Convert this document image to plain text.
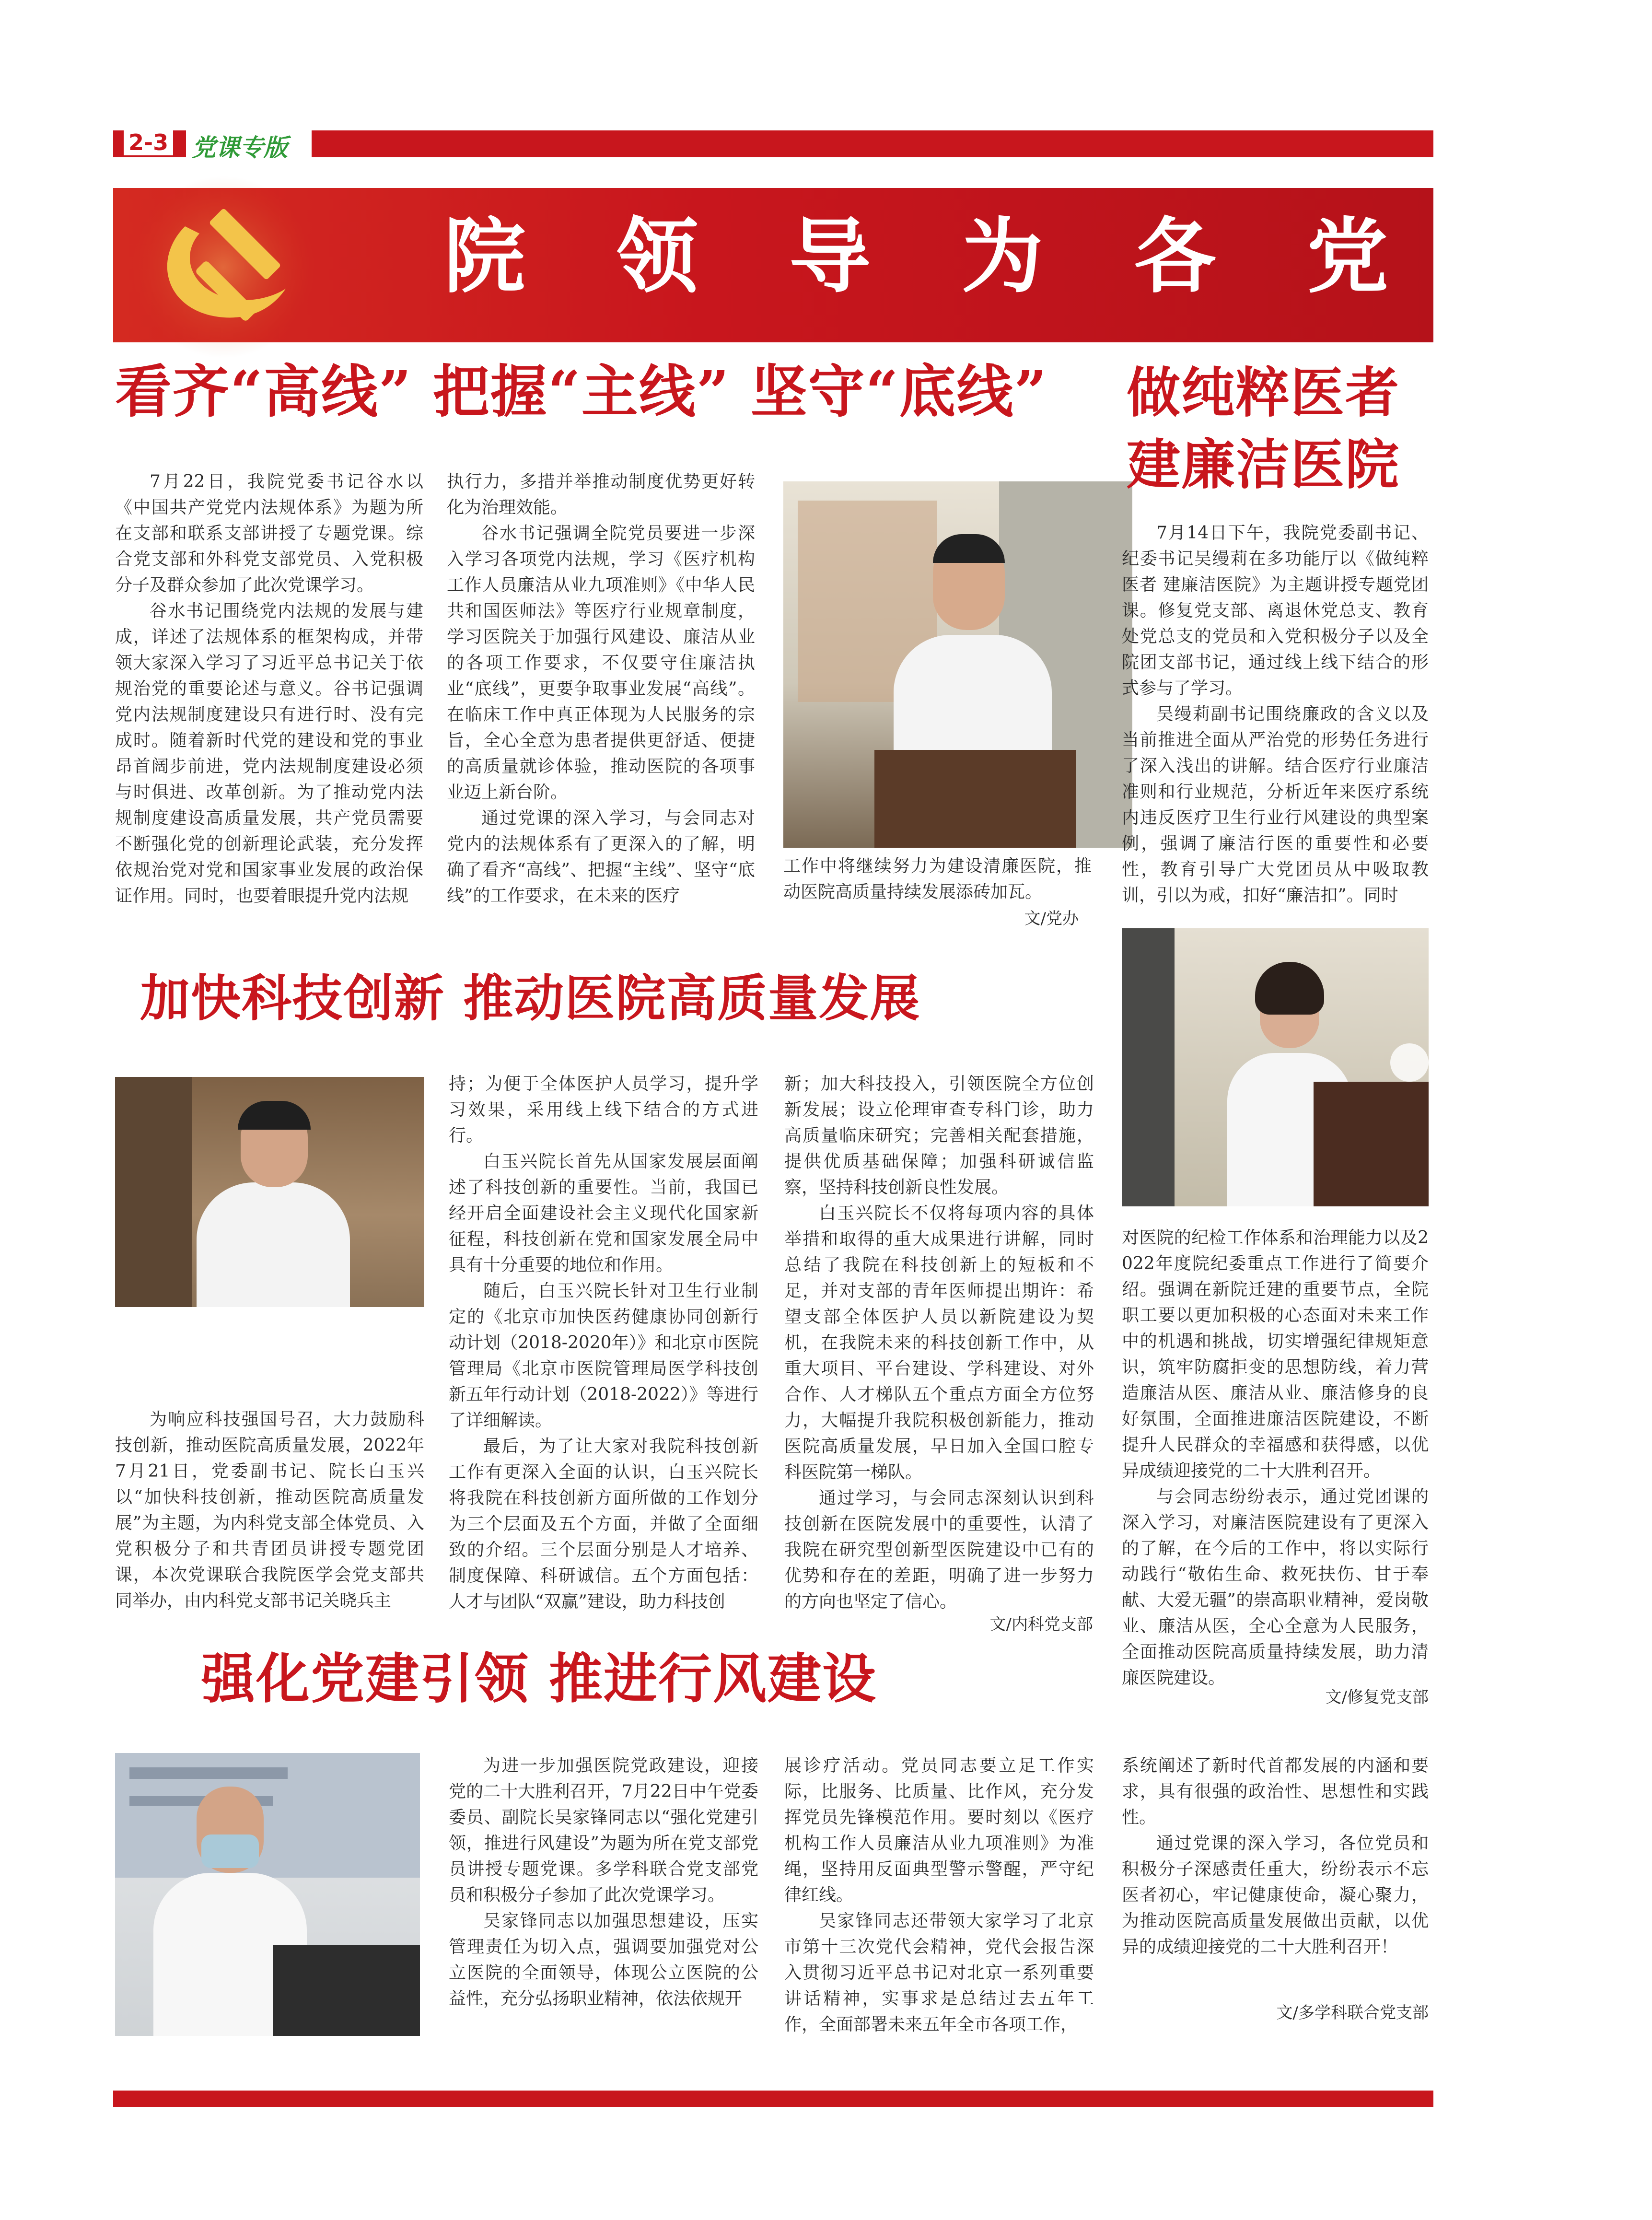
2-3 党课专版
院领导为各党支
看齐“高线” 把握“主线” 坚守“底线”

7月22日，我院党委书记谷水以《中国共产党党内法规体系》为题为所在支部和联系支部讲授了专题党课。综合党支部和外科党支部党员、入党积极分子及群众参加了此次党课学习。

谷水书记围绕党内法规的发展与建成，详述了法规体系的框架构成，并带领大家深入学习了习近平总书记关于依规治党的重要论述与意义。谷书记强调党内法规制度建设只有进行时、没有完成时。随着新时代党的建设和党的事业昂首阔步前进，党内法规制度建设必须与时俱进、改革创新。为了推动党内法规制度建设高质量发展，共产党员需要不断强化党的创新理论武装，充分发挥依规治党对党和国家事业发展的政治保证作用。同时，也要着眼提升党内法规

执行力，多措并举推动制度优势更好转化为治理效能。

谷水书记强调全院党员要进一步深入学习各项党内法规，学习《医疗机构工作人员廉洁从业九项准则》《中华人民共和国医师法》等医疗行业规章制度，学习医院关于加强行风建设、廉洁从业的各项工作要求，不仅要守住廉洁执业“底线”，更要争取事业发展“高线”。在临床工作中真正体现为人民服务的宗旨，全心全意为患者提供更舒适、便捷的高质量就诊体验，推动医院的各项事业迈上新台阶。

通过党课的深入学习，与会同志对党内的法规体系有了更深入的了解，明确了看齐“高线”、把握“主线”、坚守“底线”的工作要求，在未来的医疗

工作中将继续努力为建设清廉医院，推动医院高质量持续发展添砖加瓦。

文/党办
做纯粹医者
建廉洁医院

7月14日下午，我院党委副书记、纪委书记吴缦莉在多功能厅以《做纯粹医者 建廉洁医院》为主题讲授专题党团课。修复党支部、离退休党总支、教育处党总支的党员和入党积极分子以及全院团支部书记，通过线上线下结合的形式参与了学习。

吴缦莉副书记围绕廉政的含义以及当前推进全面从严治党的形势任务进行了深入浅出的讲解。结合医疗行业廉洁准则和行业规范，分析近年来医疗系统内违反医疗卫生行业行风建设的典型案例，强调了廉洁行医的重要性和必要性，教育引导广大党团员从中吸取教训，引以为戒，扣好“廉洁扣”。同时

对医院的纪检工作体系和治理能力以及2022年度院纪委重点工作进行了简要介绍。强调在新院迁建的重要节点，全院职工要以更加积极的心态面对未来工作中的机遇和挑战，切实增强纪律规矩意识，筑牢防腐拒变的思想防线，着力营造廉洁从医、廉洁从业、廉洁修身的良好氛围，全面推进廉洁医院建设，不断提升人民群众的幸福感和获得感，以优异成绩迎接党的二十大胜利召开。

与会同志纷纷表示，通过党团课的深入学习，对廉洁医院建设有了更深入的了解，在今后的工作中，将以实际行动践行“敬佑生命、救死扶伤、甘于奉献、大爱无疆”的崇高职业精神，爱岗敬业、廉洁从医，全心全意为人民服务，全面推动医院高质量持续发展，助力清廉医院建设。

文/修复党支部
加快科技创新 推动医院高质量发展

为响应科技强国号召，大力鼓励科技创新，推动医院高质量发展，2022年7月21日，党委副书记、院长白玉兴以“加快科技创新，推动医院高质量发展”为主题，为内科党支部全体党员、入党积极分子和共青团员讲授专题党团课，本次党课联合我院医学会党支部共同举办，由内科党支部书记关晓兵主

持；为便于全体医护人员学习，提升学习效果，采用线上线下结合的方式进行。

白玉兴院长首先从国家发展层面阐述了科技创新的重要性。当前，我国已经开启全面建设社会主义现代化国家新征程，科技创新在党和国家发展全局中具有十分重要的地位和作用。

随后，白玉兴院长针对卫生行业制定的《北京市加快医药健康协同创新行动计划（2018-2020年）》和北京市医院管理局《北京市医院管理局医学科技创新五年行动计划（2018-2022）》等进行了详细解读。

最后，为了让大家对我院科技创新工作有更深入全面的认识，白玉兴院长将我院在科技创新方面所做的工作划分为三个层面及五个方面，并做了全面细致的介绍。三个层面分别是人才培养、制度保障、科研诚信。五个方面包括：人才与团队“双赢”建设，助力科技创

新；加大科技投入，引领医院全方位创新发展；设立伦理审查专科门诊，助力高质量临床研究；完善相关配套措施，提供优质基础保障；加强科研诚信监察，坚持科技创新良性发展。

白玉兴院长不仅将每项内容的具体举措和取得的重大成果进行讲解，同时总结了我院在科技创新上的短板和不足，并对支部的青年医师提出期许：希望支部全体医护人员以新院建设为契机，在我院未来的科技创新工作中，从重大项目、平台建设、学科建设、对外合作、人才梯队五个重点方面全方位努力，大幅提升我院积极创新能力，推动医院高质量发展，早日加入全国口腔专科医院第一梯队。

通过学习，与会同志深刻认识到科技创新在医院发展中的重要性，认清了我院在研究型创新型医院建设中已有的优势和存在的差距，明确了进一步努力的方向也坚定了信心。

文/内科党支部
强化党建引领 推进行风建设

为进一步加强医院党政建设，迎接党的二十大胜利召开，7月22日中午党委委员、副院长吴家锋同志以“强化党建引领，推进行风建设”为题为所在党支部党员讲授专题党课。多学科联合党支部党员和积极分子参加了此次党课学习。

吴家锋同志以加强思想建设，压实管理责任为切入点，强调要加强党对公立医院的全面领导，体现公立医院的公益性，充分弘扬职业精神，依法依规开

展诊疗活动。党员同志要立足工作实际，比服务、比质量、比作风，充分发挥党员先锋模范作用。要时刻以《医疗机构工作人员廉洁从业九项准则》为准绳，坚持用反面典型警示警醒，严守纪律红线。

吴家锋同志还带领大家学习了北京市第十三次党代会精神，党代会报告深入贯彻习近平总书记对北京一系列重要讲话精神，实事求是总结过去五年工作，全面部署未来五年全市各项工作，

系统阐述了新时代首都发展的内涵和要求，具有很强的政治性、思想性和实践性。

通过党课的深入学习，各位党员和积极分子深感责任重大，纷纷表示不忘医者初心，牢记健康使命，凝心聚力，为推动医院高质量发展做出贡献，以优异的成绩迎接党的二十大胜利召开！

文/多学科联合党支部
